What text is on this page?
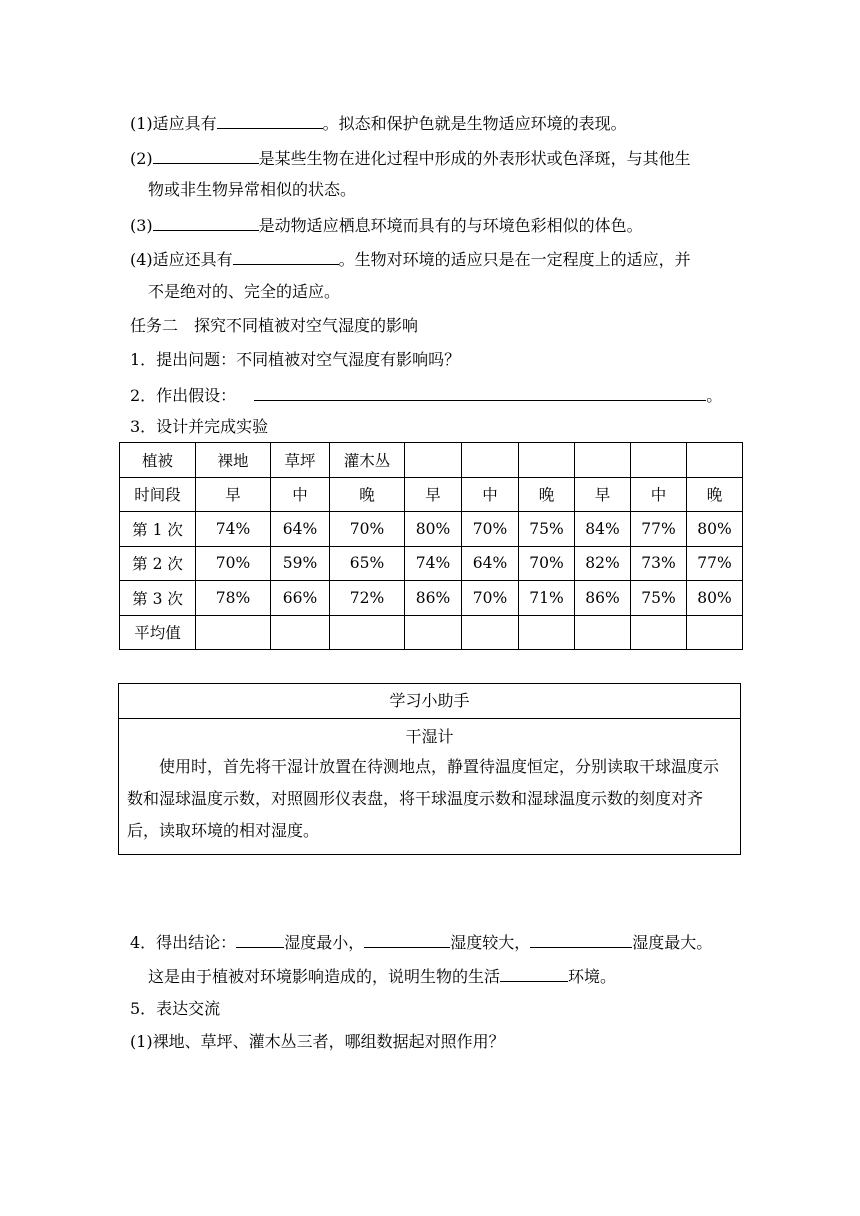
(1)适应具有	。拟态和保护色就是生物适应环境的表现。
(2)	是某些生物在进化过程中形成的外表形状或色泽斑，与其他生
物或非生物异常相似的状态。
(3)	是动物适应栖息环境而具有的与环境色彩相似的体色。
(4)适应还具有	。生物对环境的适应只是在一定程度上的适应，并
不是绝对的、完全的适应。
任务二　探究不同植被对空气湿度的影响
1．提出问题：不同植被对空气湿度有影响吗？
2．作出假设：	。
3．设计并完成实验
植被	裸地	草坪	灌木丛						
时间段	早	中	晚	早	中	晚	早	中	晚
第 1 次	74%	64%	70%	80%	70%	75%	84%	77%	80%
第 2 次	70%	59%	65%	74%	64%	70%	82%	73%	77%
第 3 次	78%	66%	72%	86%	70%	71%	86%	75%	80%
平均值									
学习小助手
干湿计
使用时，首先将干湿计放置在待测地点，静置待温度恒定，分别读取干球温度示数和湿球温度示数，对照圆形仪表盘，将干球温度示数和湿球温度示数的刻度对齐后，读取环境的相对湿度。
4．得出结论：	湿度最小，	湿度较大，	湿度最大。
这是由于植被对环境影响造成的，说明生物的生活	环境。
5．表达交流
(1)裸地、草坪、灌木丛三者，哪组数据起对照作用？
